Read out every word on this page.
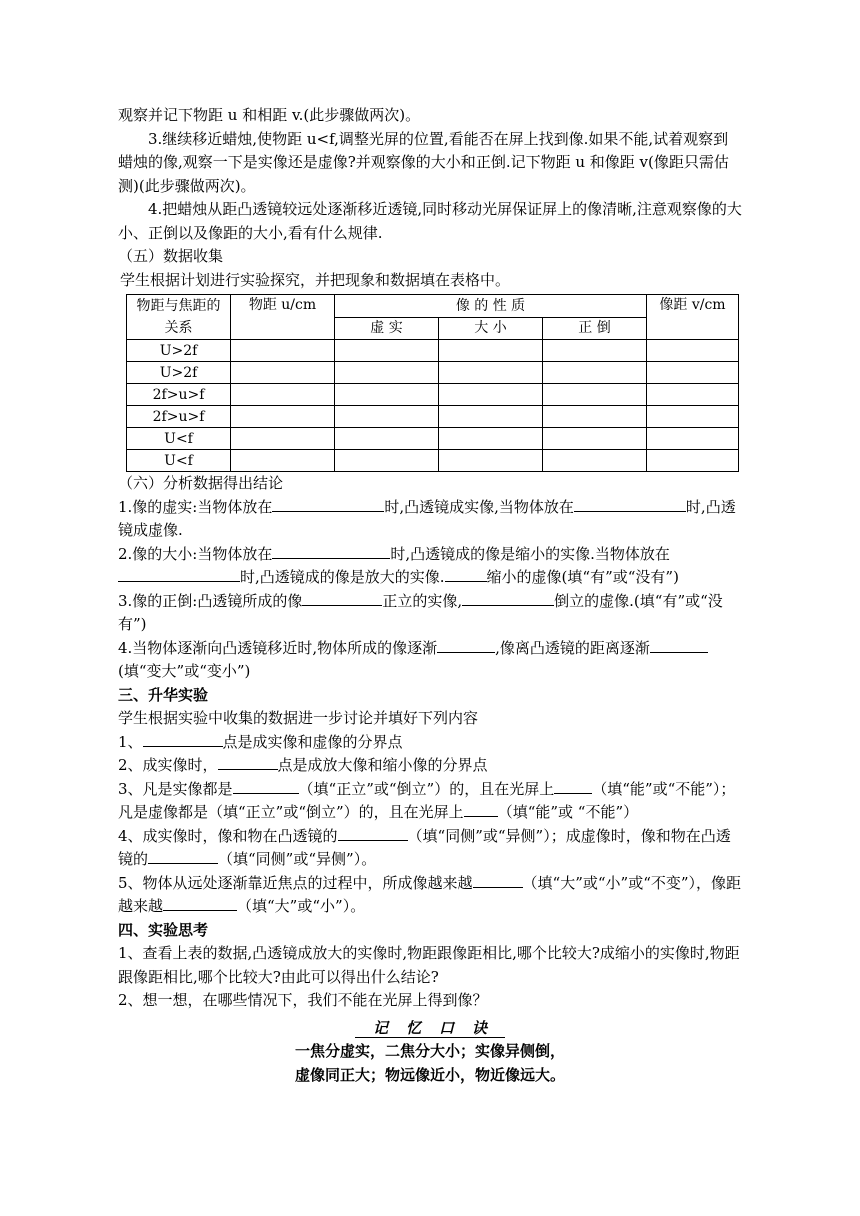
观察并记下物距 u 和相距 v.(此步骤做两次)。

3.继续移近蜡烛,使物距 u<f,调整光屏的位置,看能否在屏上找到像.如果不能,试着观察到蜡烛的像,观察一下是实像还是虚像?并观察像的大小和正倒.记下物距 u 和像距 v(像距只需估测)(此步骤做两次)。

4.把蜡烛从距凸透镜较远处逐渐移近透镜,同时移动光屏保证屏上的像清晰,注意观察像的大小、正倒以及像距的大小,看有什么规律.

（五）数据收集

学生根据计划进行实验探究，并把现象和数据填在表格中。

物距与焦距的关系	物距 u/cm	像 的 性 质			像距 v/cm
		虚 实	大 小	正 倒	
U>2f					
U>2f					
2f>u>f					
2f>u>f					
U<f					
U<f					

（六）分析数据得出结论

1.像的虚实:当物体放在	时,凸透镜成实像,当物体放在	时,凸透镜成虚像.

2.像的大小:当物体放在	时,凸透镜成的像是缩小的实像.当物体放在时,凸透镜成的像是放大的实像.	缩小的虚像(填“有”或“没有”)

3.像的正倒:凸透镜所成的像	正立的实像,	倒立的虚像.(填“有”或“没有”)

4.当物体逐渐向凸透镜移近时,物体所成的像逐渐	,像离凸透镜的距离逐渐(填“变大”或“变小”)

三、升华实验

学生根据实验中收集的数据进一步讨论并填好下列内容

1、	点是成实像和虚像的分界点

2、成实像时，	点是成放大像和缩小像的分界点

3、凡是实像都是	（填“正立”或“倒立”）的，且在光屏上	（填“能”或“不能”）；凡是虚像都是（填“正立”或“倒立”）的，且在光屏上 （填“能”或 “不能”）

4、成实像时，像和物在凸透镜的	（填“同侧”或“异侧”）；成虚像时，像和物在凸透镜的	（填“同侧”或“异侧”）。

5、物体从远处逐渐靠近焦点的过程中，所成像越来越	（填“大”或“小”或“不变”），像距越来越	（填“大”或“小”）。

四、实验思考

1、查看上表的数据,凸透镜成放大的实像时,物距跟像距相比,哪个比较大?成缩小的实像时,物距跟像距相比,哪个比较大?由此可以得出什么结论?

2、想一想，在哪些情况下，我们不能在光屏上得到像？

记忆口诀

一焦分虚实，二焦分大小；实像异侧倒，

虚像同正大；物远像近小，物近像远大。
